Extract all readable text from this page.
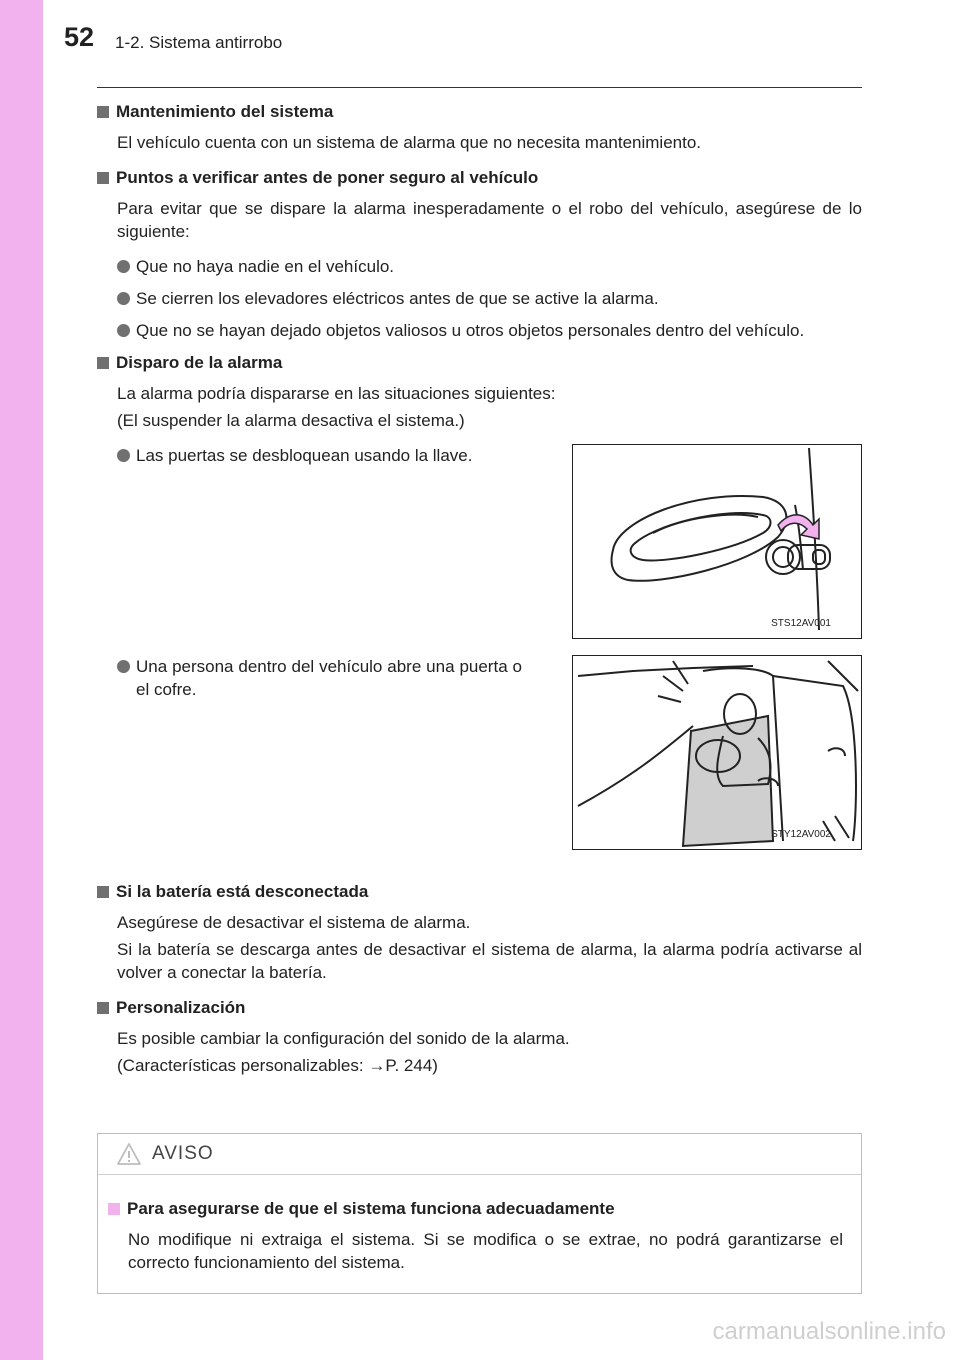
52 1-2. Sistema antirrobo
Mantenimiento del sistema
El vehículo cuenta con un sistema de alarma que no necesita mantenimiento.
Puntos a verificar antes de poner seguro al vehículo
Para evitar que se dispare la alarma inesperadamente o el robo del vehículo, asegúrese de lo siguiente:
Que no haya nadie en el vehículo.
Se cierren los elevadores eléctricos antes de que se active la alarma.
Que no se hayan dejado objetos valiosos u otros objetos personales dentro del vehículo.
Disparo de la alarma
La alarma podría dispararse en las situaciones siguientes:
(El suspender la alarma desactiva el sistema.)
Las puertas se desbloquean usando la llave.
STS12AV001
Una persona dentro del vehículo abre una puerta o el cofre.
STY12AV002
Si la batería está desconectada
Asegúrese de desactivar el sistema de alarma.
Si la batería se descarga antes de desactivar el sistema de alarma, la alarma podría activarse al volver a conectar la batería.
Personalización
Es posible cambiar la configuración del sonido de la alarma.
(Características personalizables: →P. 244)
AVISO
Para asegurarse de que el sistema funciona adecuadamente
No modifique ni extraiga el sistema. Si se modifica o se extrae, no podrá garantizarse el correcto funcionamiento del sistema.
carmanualsonline.info
